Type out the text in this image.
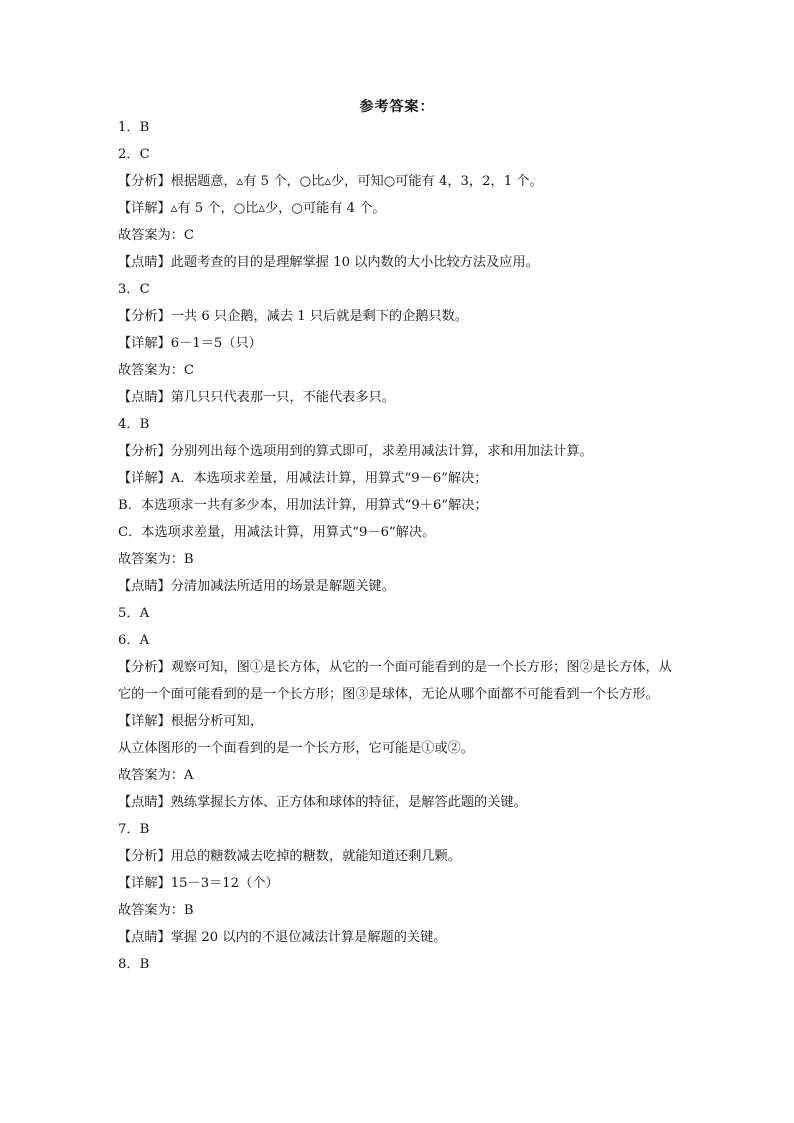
参考答案：
1．B
2．C
【分析】根据题意，▵有 5 个，○比▵少，可知○可能有 4，3，2，1 个。
【详解】▵有 5 个，○比▵少，○可能有 4 个。
故答案为：C
【点睛】此题考查的目的是理解掌握 10 以内数的大小比较方法及应用。
3．C
【分析】一共 6 只企鹅，减去 1 只后就是剩下的企鹅只数。
【详解】6－1＝5（只）
故答案为：C
【点睛】第几只只代表那一只，不能代表多只。
4．B
【分析】分别列出每个选项用到的算式即可，求差用减法计算，求和用加法计算。
【详解】A．本选项求差量，用减法计算，用算式“9－6”解决；
B．本选项求一共有多少本，用加法计算，用算式“9＋6”解决；
C．本选项求差量，用减法计算，用算式“9－6”解决。
故答案为：B
【点睛】分清加减法所适用的场景是解题关键。
5．A
6．A
【分析】观察可知，图①是长方体，从它的一个面可能看到的是一个长方形；图②是长方体，从它的一个面可能看到的是一个长方形；图③是球体，无论从哪个面都不可能看到一个长方形。
【详解】根据分析可知，
从立体图形的一个面看到的是一个长方形，它可能是①或②。
故答案为：A
【点睛】熟练掌握长方体、正方体和球体的特征，是解答此题的关键。
7．B
【分析】用总的糖数减去吃掉的糖数，就能知道还剩几颗。
【详解】15－3＝12（个）
故答案为：B
【点睛】掌握 20 以内的不退位减法计算是解题的关键。
8．B
